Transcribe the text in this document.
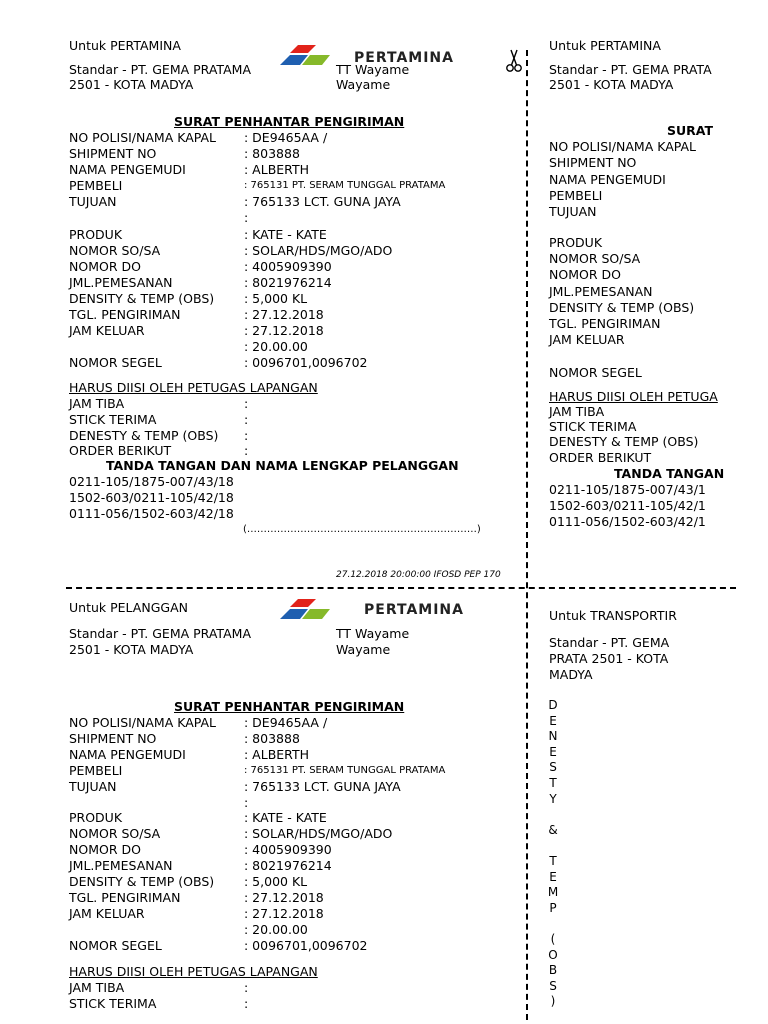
Untuk PERTAMINA
Standar - PT. GEMA PRATAMA
2501 - KOTA MADYA
TT Wayame
Wayame
PERTAMINA
SURAT PENHANTAR PENGIRIMAN
NO POLISI/NAMA KAPAL : DE9465AA /
SHIPMENT NO	: 803888
NAMA PENGEMUDI	: ALBERTH
PEMBELI	: 765131 PT. SERAM TUNGGAL PRATAMA
TUJUAN	: 765133 LCT. GUNA JAYA
:
PRODUK	: KATE - KATE
NOMOR SO/SA	: SOLAR/HDS/MGO/ADO
NOMOR DO	: 4005909390
JML.PEMESANAN	: 8021976214
DENSITY & TEMP (OBS) : 5,000 KL
TGL. PENGIRIMAN	: 27.12.2018
JAM KELUAR	: 27.12.2018
: 20.00.00
NOMOR SEGEL	: 0096701,0096702
HARUS DIISI OLEH PETUGAS LAPANGAN
JAM TIBA	:
STICK TERIMA	:
DENESTY & TEMP (OBS) :
ORDER BERIKUT	:
TANDA TANGAN DAN NAMA LENGKAP PELANGGAN
0211-105/1875-007/43/18
1502-603/0211-105/42/18
0111-056/1502-603/42/18
(……………………………………………………………)
27.12.2018 20:00:00 IFOSD PEP 170
Untuk PERTAMINA
Standar - PT. GEMA PRATA
2501 - KOTA MADYA
SURAT
NO POLISI/NAMA KAPAL
SHIPMENT NO
NAMA PENGEMUDI
PEMBELI
TUJUAN
PRODUK
NOMOR SO/SA
NOMOR DO
JML.PEMESANAN
DENSITY & TEMP (OBS)
TGL. PENGIRIMAN
JAM KELUAR
NOMOR SEGEL
HARUS DIISI OLEH PETUGA
JAM TIBA
STICK TERIMA
DENESTY & TEMP (OBS)
ORDER BERIKUT
TANDA TANGAN
0211-105/1875-007/43/1
1502-603/0211-105/42/1
0111-056/1502-603/42/1
Untuk PELANGGAN
Standar - PT. GEMA PRATAMA
2501 - KOTA MADYA
TT Wayame
Wayame
PERTAMINA
SURAT PENHANTAR PENGIRIMAN
NO POLISI/NAMA KAPAL : DE9465AA /
SHIPMENT NO	: 803888
NAMA PENGEMUDI	: ALBERTH
PEMBELI	: 765131 PT. SERAM TUNGGAL PRATAMA
TUJUAN	: 765133 LCT. GUNA JAYA
:
PRODUK	: KATE - KATE
NOMOR SO/SA	: SOLAR/HDS/MGO/ADO
NOMOR DO	: 4005909390
JML.PEMESANAN	: 8021976214
DENSITY & TEMP (OBS) : 5,000 KL
TGL. PENGIRIMAN	: 27.12.2018
JAM KELUAR	: 27.12.2018
: 20.00.00
NOMOR SEGEL	: 0096701,0096702
HARUS DIISI OLEH PETUGAS LAPANGAN
JAM TIBA	:
STICK TERIMA	:
Untuk TRANSPORTIR
Standar - PT. GEMA
PRATA 2501 - KOTA
MADYA
D
E
N
E
S
T
Y
&
T
E
M
P
(
O
B
S
)
